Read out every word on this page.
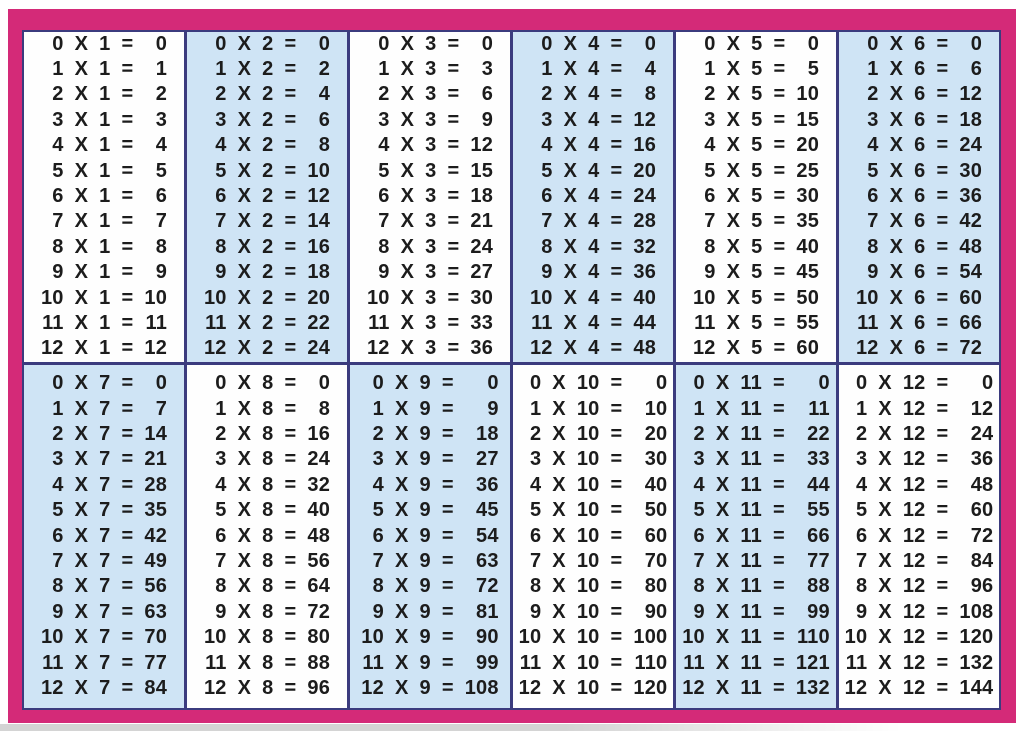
0 X 1 = 0
1 X 1 = 1
2 X 1 = 2
3 X 1 = 3
4 X 1 = 4
5 X 1 = 5
6 X 1 = 6
7 X 1 = 7
8 X 1 = 8
9 X 1 = 9
10 X 1 = 10
11 X 1 = 11
12 X 1 = 12
0 X 2 = 0
1 X 2 = 2
2 X 2 = 4
3 X 2 = 6
4 X 2 = 8
5 X 2 = 10
6 X 2 = 12
7 X 2 = 14
8 X 2 = 16
9 X 2 = 18
10 X 2 = 20
11 X 2 = 22
12 X 2 = 24
0 X 3 = 0
1 X 3 = 3
2 X 3 = 6
3 X 3 = 9
4 X 3 = 12
5 X 3 = 15
6 X 3 = 18
7 X 3 = 21
8 X 3 = 24
9 X 3 = 27
10 X 3 = 30
11 X 3 = 33
12 X 3 = 36
0 X 4 = 0
1 X 4 = 4
2 X 4 = 8
3 X 4 = 12
4 X 4 = 16
5 X 4 = 20
6 X 4 = 24
7 X 4 = 28
8 X 4 = 32
9 X 4 = 36
10 X 4 = 40
11 X 4 = 44
12 X 4 = 48
0 X 5 = 0
1 X 5 = 5
2 X 5 = 10
3 X 5 = 15
4 X 5 = 20
5 X 5 = 25
6 X 5 = 30
7 X 5 = 35
8 X 5 = 40
9 X 5 = 45
10 X 5 = 50
11 X 5 = 55
12 X 5 = 60
0 X 6 = 0
1 X 6 = 6
2 X 6 = 12
3 X 6 = 18
4 X 6 = 24
5 X 6 = 30
6 X 6 = 36
7 X 6 = 42
8 X 6 = 48
9 X 6 = 54
10 X 6 = 60
11 X 6 = 66
12 X 6 = 72
0 X 7 = 0
1 X 7 = 7
2 X 7 = 14
3 X 7 = 21
4 X 7 = 28
5 X 7 = 35
6 X 7 = 42
7 X 7 = 49
8 X 7 = 56
9 X 7 = 63
10 X 7 = 70
11 X 7 = 77
12 X 7 = 84
0 X 8 = 0
1 X 8 = 8
2 X 8 = 16
3 X 8 = 24
4 X 8 = 32
5 X 8 = 40
6 X 8 = 48
7 X 8 = 56
8 X 8 = 64
9 X 8 = 72
10 X 8 = 80
11 X 8 = 88
12 X 8 = 96
0 X 9 = 0
1 X 9 = 9
2 X 9 = 18
3 X 9 = 27
4 X 9 = 36
5 X 9 = 45
6 X 9 = 54
7 X 9 = 63
8 X 9 = 72
9 X 9 = 81
10 X 9 = 90
11 X 9 = 99
12 X 9 = 108
0 X 10 = 0
1 X 10 = 10
2 X 10 = 20
3 X 10 = 30
4 X 10 = 40
5 X 10 = 50
6 X 10 = 60
7 X 10 = 70
8 X 10 = 80
9 X 10 = 90
10 X 10 = 100
11 X 10 = 110
12 X 10 = 120
0 X 11 = 0
1 X 11 = 11
2 X 11 = 22
3 X 11 = 33
4 X 11 = 44
5 X 11 = 55
6 X 11 = 66
7 X 11 = 77
8 X 11 = 88
9 X 11 = 99
10 X 11 = 110
11 X 11 = 121
12 X 11 = 132
0 X 12 = 0
1 X 12 = 12
2 X 12 = 24
3 X 12 = 36
4 X 12 = 48
5 X 12 = 60
6 X 12 = 72
7 X 12 = 84
8 X 12 = 96
9 X 12 = 108
10 X 12 = 120
11 X 12 = 132
12 X 12 = 144
